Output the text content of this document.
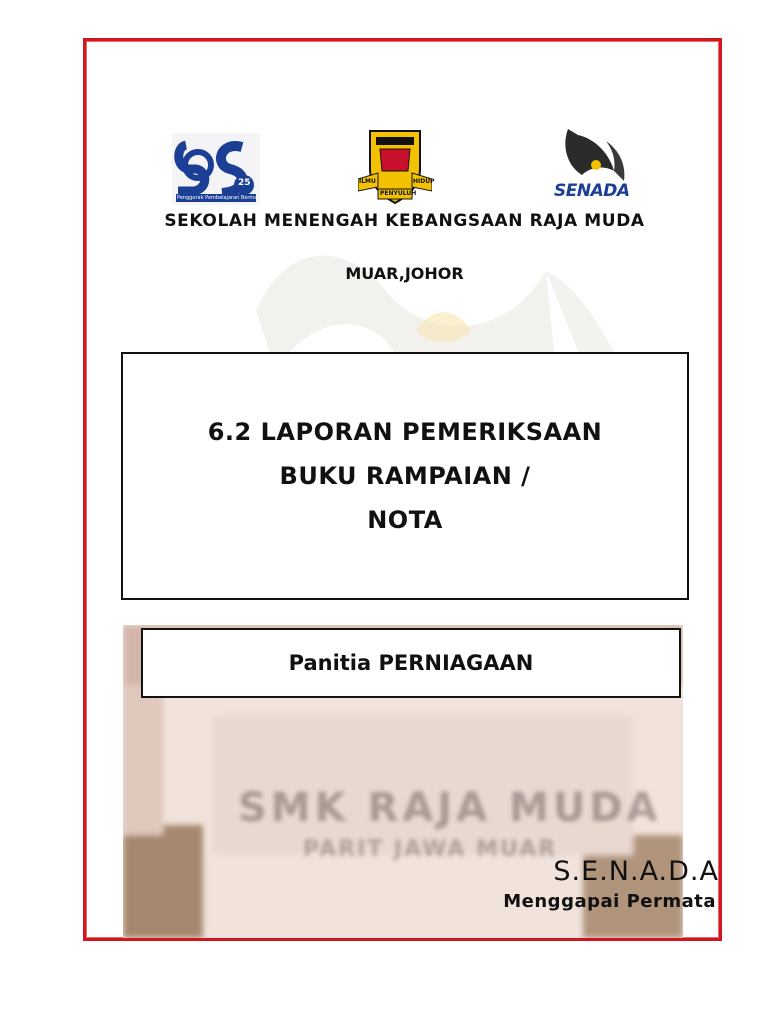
25
Penggerak Pembelajaran Bermakna
ILMU	HIDUP
PENYULUH	SENADA
SEKOLAH MENENGAH KEBANGSAAN RAJA MUDA
MUAR,JOHOR
6.2 LAPORAN PEMERIKSAAN
BUKU RAMPAIAN /
NOTA
SMK RAJA MUDA
PARIT JAWA MUAR
Panitia PERNIAGAAN
S.E.N.A.D.A
Menggapai Permata
